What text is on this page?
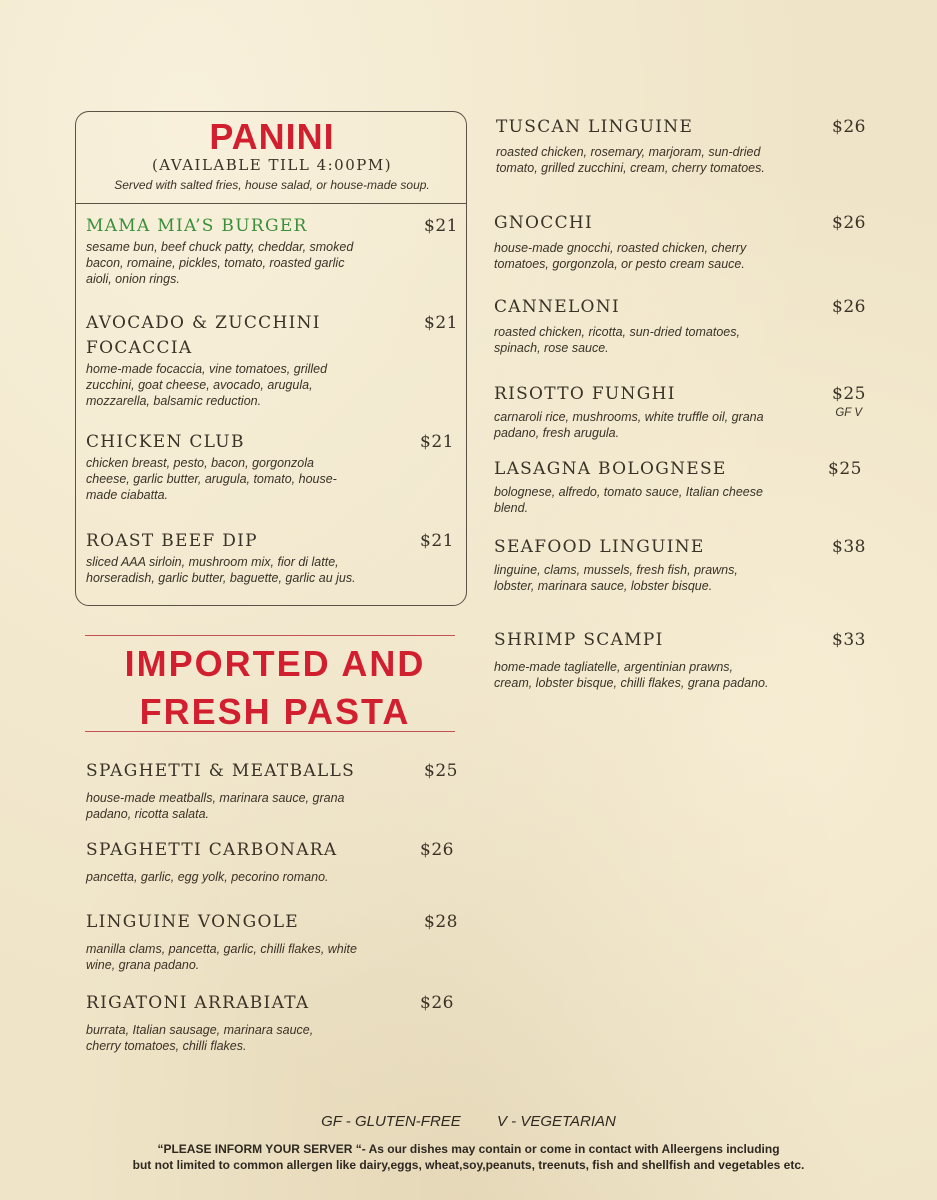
PANINI
(AVAILABLE TILL 4:00PM)
Served with salted fries, house salad, or house-made soup.
MAMA MIA’S BURGER	$21
sesame bun, beef chuck patty, cheddar, smoked bacon, romaine, pickles, tomato, roasted garlic aioli, onion rings.
AVOCADO & ZUCCHINI
FOCACCIA
$21
home-made focaccia, vine tomatoes, grilled zucchini, goat cheese, avocado, arugula, mozzarella, balsamic reduction.
CHICKEN CLUB	$21
chicken breast, pesto, bacon, gorgonzola cheese, garlic butter, arugula, tomato, house-made ciabatta.
ROAST BEEF DIP	$21
sliced AAA sirloin, mushroom mix, fior di latte, horseradish, garlic butter, baguette, garlic au jus.
IMPORTED AND
FRESH PASTA
SPAGHETTI & MEATBALLS	$25
house-made meatballs, marinara sauce, grana padano, ricotta salata.
SPAGHETTI CARBONARA	$26
pancetta, garlic, egg yolk, pecorino romano.
LINGUINE VONGOLE	$28
manilla clams, pancetta, garlic, chilli flakes, white wine, grana padano.
RIGATONI ARRABIATA	$26
burrata, Italian sausage, marinara sauce, cherry tomatoes, chilli flakes.
TUSCAN LINGUINE	$26
roasted chicken, rosemary, marjoram, sun-dried tomato, grilled zucchini, cream, cherry tomatoes.
GNOCCHI	$26
house-made gnocchi, roasted chicken, cherry tomatoes, gorgonzola, or pesto cream sauce.
CANNELONI	$26
roasted chicken, ricotta, sun-dried tomatoes, spinach, rose sauce.
RISOTTO FUNGHI	$25
GF V
carnaroli rice, mushrooms, white truffle oil, grana padano, fresh arugula.
LASAGNA BOLOGNESE	$25
bolognese, alfredo, tomato sauce, Italian cheese blend.
SEAFOOD LINGUINE	$38
linguine, clams, mussels, fresh fish, prawns, lobster, marinara sauce, lobster bisque.
SHRIMP SCAMPI	$33
home-made tagliatelle, argentinian prawns, cream, lobster bisque, chilli flakes, grana padano.
GF - GLUTEN-FREE V - VEGETARIAN
“PLEASE INFORM YOUR SERVER “- As our dishes may contain or come in contact with Alleergens including
but not limited to common allergen like dairy,eggs, wheat,soy,peanuts, treenuts, fish and shellfish and vegetables etc.
